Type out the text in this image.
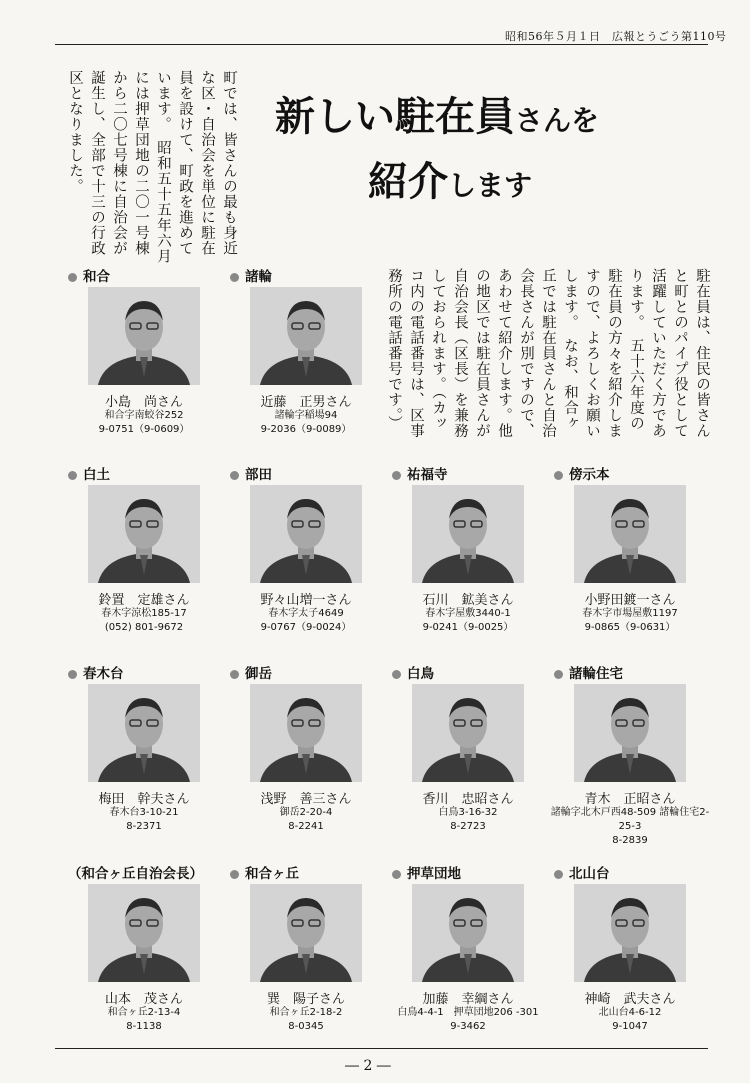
昭和56年５月１日　広報とうごう第110号
町では、皆さんの最も身近な区・自治会を単位に駐在員を設けて、町政を進めています。　昭和五十五年六月には押草団地の二〇一号棟から二〇七号棟に自治会が誕生し、全部で十三の行政区となりました。	新しい駐在員さんを
紹介します
駐在員は、住民の皆さんと町とのパイプ役として活躍していただく方であります。　五十六年度の駐在員の方々を紹介しますので、よろしくお願いします。　なお、和合ヶ丘では駐在員さんと自治会長さんが別ですので、あわせて紹介します。他の地区では駐在員さんが自治会長（区長）を兼務しておられます。（カッコ内の電話番号は、区事務所の電話番号です。）
和合
小島　尚さん
和合字南蛟谷252
9-0751（9-0609）
諸輪
近藤　正男さん
諸輪字稲場94
9-2036（9-0089）
白土
鈴置　定雄さん
春木字涼松185-17
(052) 801-9672
部田
野々山増一さん
春木字太子4649
9-0767（9-0024）
祐福寺
石川　鉱美さん
春木字屋敷3440-1
9-0241（9-0025）
傍示本
小野田鍍一さん
春木字市場屋敷1197
9-0865（9-0631）
春木台
梅田　幹夫さん
春木台3-10-21
8-2371
御岳
浅野　善三さん
御岳2-20-4
8-2241
白鳥
香川　忠昭さん
白鳥3-16-32
8-2723
諸輪住宅
青木　正昭さん
諸輪字北木戸西48-509 諸輪住宅2-25-3
8-2839
（和合ヶ丘自治会長）
山本　茂さん
和合ヶ丘2-13-4
8-1138
和合ヶ丘
巽　陽子さん
和合ヶ丘2-18-2
8-0345
押草団地
加藤　幸綱さん
白鳥4-4-1　押草団地206 -301
9-3462
北山台
神崎　武夫さん
北山台4-6-12
9-1047
― 2 ―
